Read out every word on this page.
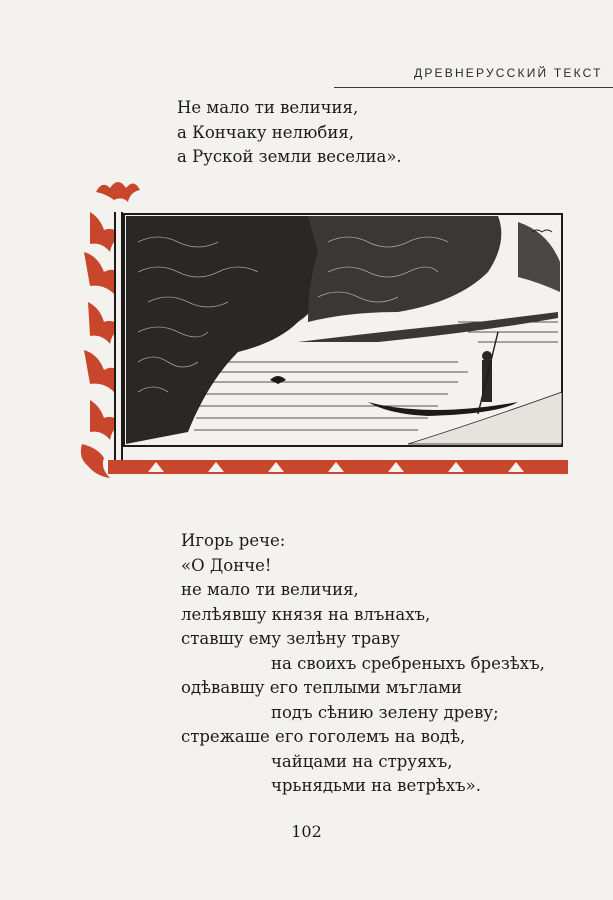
ДРЕВНЕРУССКИЙ ТЕКСТ
Не мало ти величия,
а Кончаку нелюбия,
а Руской земли веселиа».
Игорь рече:
«О Донче!
не мало ти величия,
лелѣявшу князя на влънахъ,
ставшу ему зелѣну траву
на своихъ сребреныхъ брезѣхъ,
одѣвавшу его теплыми мъглами
подъ сѣнию зелену древу;
стрежаше его гоголемъ на водѣ,
чайцами на струяхъ,
чрьнядьми на ветрѣхъ».
102
